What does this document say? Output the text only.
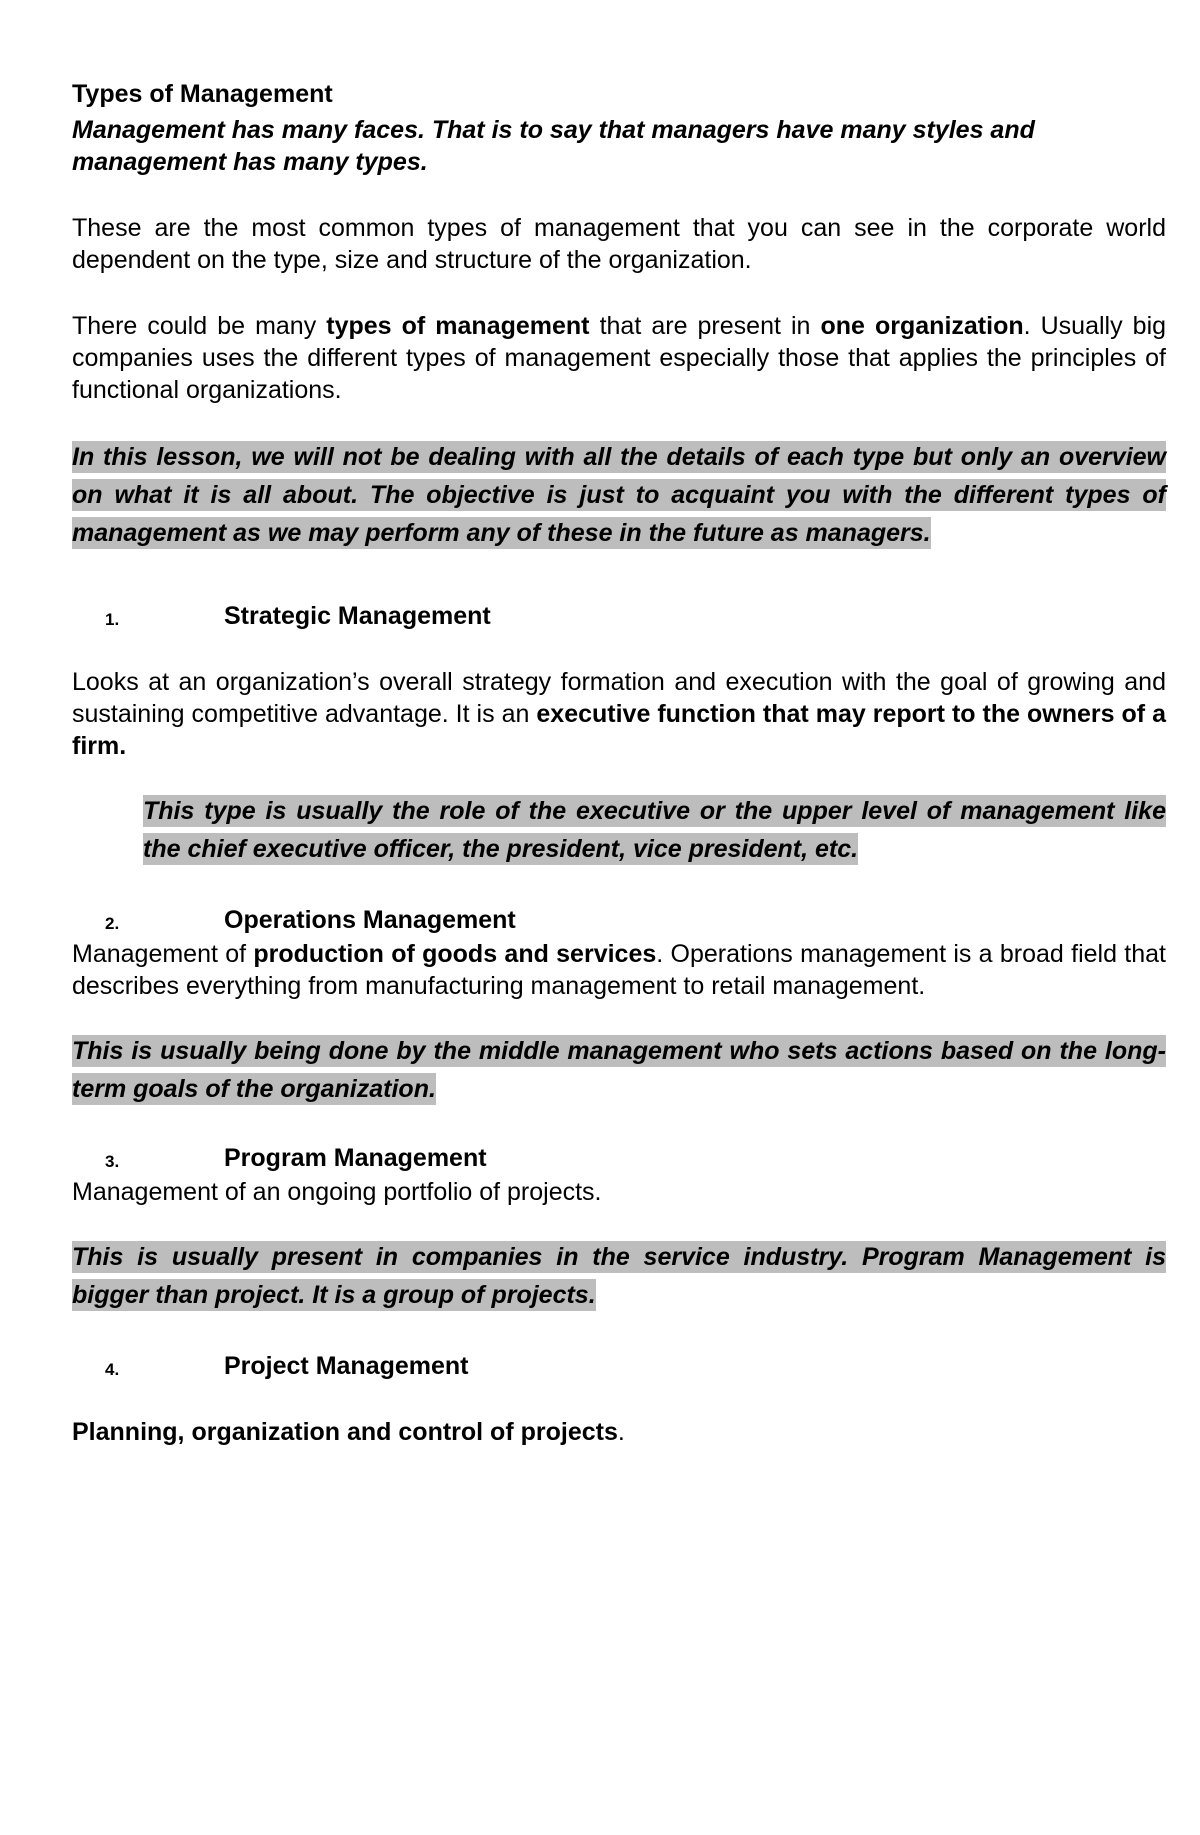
Types of Management

Management has many faces. That is to say that managers have many styles and management has many types.

These are the most common types of management that you can see in the corporate world dependent on the type, size and structure of the organization.

There could be many types of management that are present in one organization. Usually big companies uses the different types of management especially those that applies the principles of functional organizations.

In this lesson, we will not be dealing with all the details of each type but only an overview on what it is all about. The objective is just to acquaint you with the different types of management as we may perform any of these in the future as managers.

1.	Strategic Management

Looks at an organization’s overall strategy formation and execution with the goal of growing and sustaining competitive advantage. It is an executive function that may report to the owners of a firm.

This type is usually the role of the executive or the upper level of management like the chief executive officer, the president, vice president, etc.

2.	Operations Management

Management of production of goods and services. Operations management is a broad field that describes everything from manufacturing management to retail management.

This is usually being done by the middle management who sets actions based on the long-term goals of the organization.

3.	Program Management

Management of an ongoing portfolio of projects.

This is usually present in companies in the service industry. Program Management is bigger than project. It is a group of projects.

4.	Project Management

Planning, organization and control of projects.
